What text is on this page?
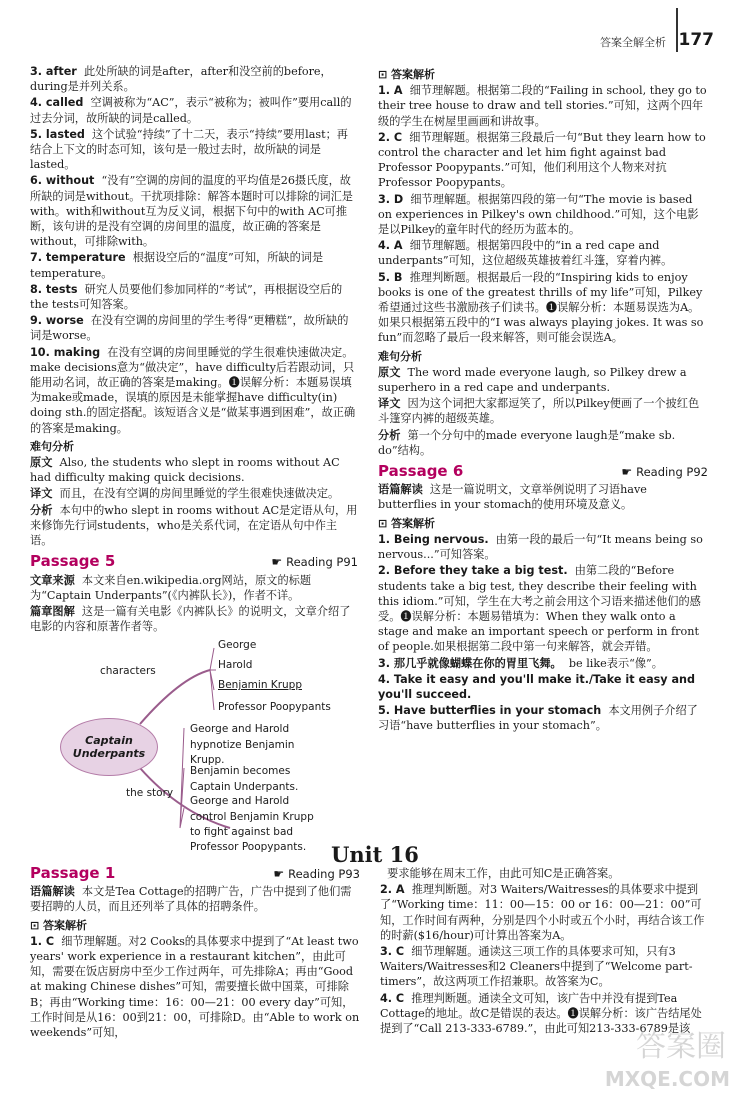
答案全解全析 177

3. after 此处所缺的词是after，after和没空前的before，during是并列关系。

4. called 空调被称为“AC”，表示“被称为；被叫作”要用call的过去分词，故所缺的词是called。

5. lasted 这个试验“持续”了十二天，表示“持续”要用last；再结合上下文的时态可知，该句是一般过去时，故所缺的词是lasted。

6. without “没有”空调的房间的温度的平均值是26摄氏度，故所缺的词是without。干扰项排除：解答本题时可以排除的词汇是with。with和without互为反义词，根据下句中的with AC可推断，该句讲的是没有空调的房间里的温度，故正确的答案是without，可排除with。

7. temperature 根据设空后的“温度”可知，所缺的词是temperature。

8. tests 研究人员要他们参加同样的“考试”，再根据设空后的the tests可知答案。

9. worse 在没有空调的房间里的学生考得“更糟糕”，故所缺的词是worse。

10. making 在没有空调的房间里睡觉的学生很难快速做决定。make decisions意为“做决定”，have difficulty后若跟动词，只能用动名词，故正确的答案是making。❶误解分析：本题易误填为make或made，误填的原因是未能掌握have difficulty(in) doing sth.的固定搭配。该短语含义是“做某事遇到困难”，故正确的答案是making。

难句分析

原文 Also, the students who slept in rooms without AC had difficulty making quick decisions.

译文 而且，在没有空调的房间里睡觉的学生很难快速做决定。

分析 本句中的who slept in rooms without AC是定语从句，用来修饰先行词students，who是关系代词，在定语从句中作主语。

Passage 5	☛ Reading P91

文章来源 本文来自en.wikipedia.org网站，原文的标题为“Captain Underpants”(《内裤队长》)，作者不详。

篇章图解 这是一篇有关电影《内裤队长》的说明文，文章介绍了电影的内容和原著作者等。

Captain Underpants
characters
the story
George
Harold
Benjamin Krupp
Professor Poopypants
George and Harold hypnotize Benjamin Krupp.
Benjamin becomes Captain Underpants.
George and Harold control Benjamin Krupp to fight against bad Professor Poopypants.
⊡ 答案解析

1. A 细节理解题。根据第二段的“Failing in school, they go to their tree house to draw and tell stories.”可知，这两个四年级的学生在树屋里画画和讲故事。

2. C 细节理解题。根据第三段最后一句“But they learn how to control the character and let him fight against bad Professor Poopypants.”可知，他们利用这个人物来对抗Professor Poopypants。

3. D 细节理解题。根据第四段的第一句“The movie is based on experiences in Pilkey's own childhood.”可知，这个电影是以Pilkey的童年时代的经历为蓝本的。

4. A 细节理解题。根据第四段中的“in a red cape and underpants”可知，这位超级英雄披着红斗篷，穿着内裤。

5. B 推理判断题。根据最后一段的“Inspiring kids to enjoy books is one of the greatest thrills of my life”可知，Pilkey希望通过这些书激励孩子们读书。❶误解分析：本题易误选为A。如果只根据第五段中的“I was always playing jokes. It was so fun”而忽略了最后一段来解答，则可能会误选A。

难句分析

原文 The word made everyone laugh, so Pilkey drew a superhero in a red cape and underpants.

译文 因为这个词把大家都逗笑了，所以Pilkey便画了一个披红色斗篷穿内裤的超级英雄。

分析 第一个分句中的made everyone laugh是“make sb. do”结构。

Passage 6	☛ Reading P92

语篇解读 这是一篇说明文，文章举例说明了习语have butterflies in your stomach的使用环境及意义。

⊡ 答案解析

1. Being nervous. 由第一段的最后一句“It means being so nervous...”可知答案。

2. Before they take a big test. 由第二段的“Before students take a big test, they describe their feeling with this idiom.”可知，学生在大考之前会用这个习语来描述他们的感受。❶误解分析：本题易错填为：When they walk onto a stage and make an important speech or perform in front of people.如果根据第二段中第一句来解答，就会弄错。

3. 那几乎就像蝴蝶在你的胃里飞舞。 be like表示“像”。

4. Take it easy and you'll make it./Take it easy and you'll succeed.

5. Have butterflies in your stomach 本文用例子介绍了习语“have butterflies in your stomach”。

Unit 16
Passage 1	☛ Reading P93

语篇解读 本文是Tea Cottage的招聘广告，广告中提到了他们需要招聘的人员，而且还列举了具体的招聘条件。

⊡ 答案解析

1. C 细节理解题。对2 Cooks的具体要求中提到了“At least two years' work experience in a restaurant kitchen”，由此可知，需要在饭店厨房中至少工作过两年，可先排除A；再由“Good at making Chinese dishes”可知，需要擅长做中国菜，可排除B；再由“Working time：16：00—21：00 every day”可知，工作时间是从16：00到21：00，可排除D。由“Able to work on weekends”可知，

要求能够在周末工作，由此可知C是正确答案。

2. A 推理判断题。对3 Waiters/Waitresses的具体要求中提到了“Working time：11：00—15：00 or 16：00—21：00”可知，工作时间有两种，分别是四个小时或五个小时，再结合该工作的时薪($16/hour)可计算出答案为A。

3. C 细节理解题。通读这三项工作的具体要求可知，只有3 Waiters/Waitresses和2 Cleaners中提到了“Welcome part-timers”，故这两项工作招兼职。故答案为C。

4. C 推理判断题。通读全文可知，该广告中并没有提到Tea Cottage的地址。故C是错误的表达。❶误解分析：该广告结尾处提到了“Call 213-333-6789.”，由此可知213-333-6789是该

答案圈
MXQE.COM
